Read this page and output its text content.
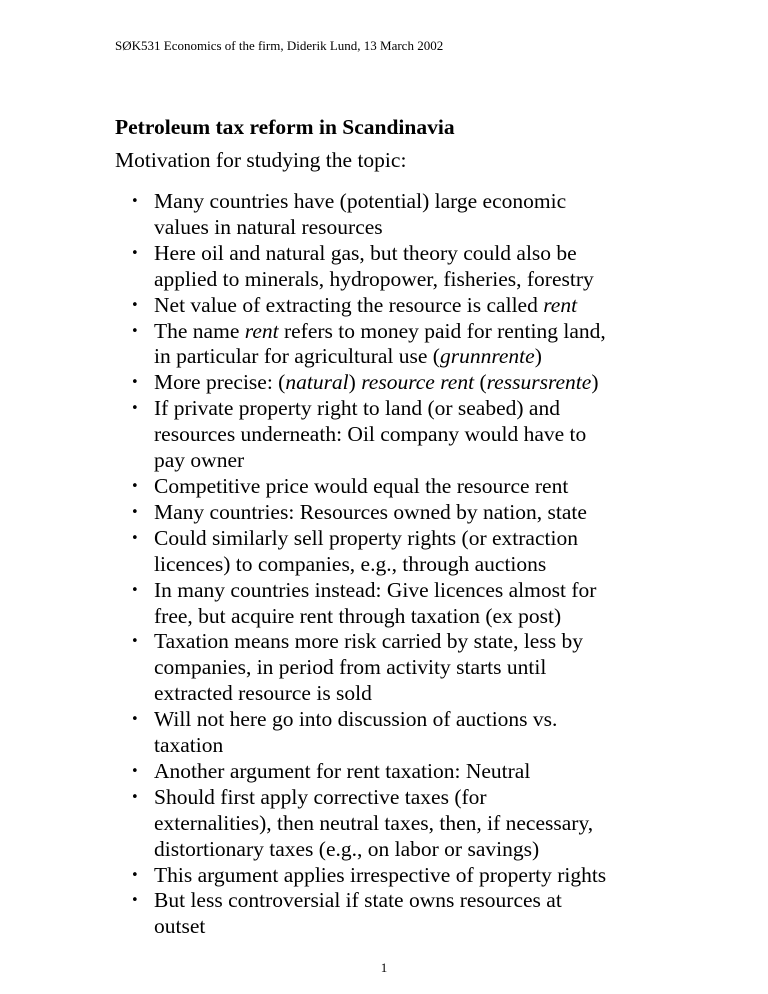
SØK531 Economics of the firm, Diderik Lund, 13 March 2002
Petroleum tax reform in Scandinavia

Motivation for studying the topic:

• Many countries have (potential) large economic
values in natural resources
• Here oil and natural gas, but theory could also be
applied to minerals, hydropower, fisheries, forestry
• Net value of extracting the resource is called rent
• The name rent refers to money paid for renting land,
in particular for agricultural use (grunnrente)
• More precise: (natural) resource rent (ressursrente)
• If private property right to land (or seabed) and
resources underneath: Oil company would have to
pay owner
• Competitive price would equal the resource rent
• Many countries: Resources owned by nation, state
• Could similarly sell property rights (or extraction
licences) to companies, e.g., through auctions
• In many countries instead: Give licences almost for
free, but acquire rent through taxation (ex post)
• Taxation means more risk carried by state, less by
companies, in period from activity starts until
extracted resource is sold
• Will not here go into discussion of auctions vs.
taxation
• Another argument for rent taxation: Neutral
• Should first apply corrective taxes (for
externalities), then neutral taxes, then, if necessary,
distortionary taxes (e.g., on labor or savings)
• This argument applies irrespective of property rights
• But less controversial if state owns resources at
outset
1
